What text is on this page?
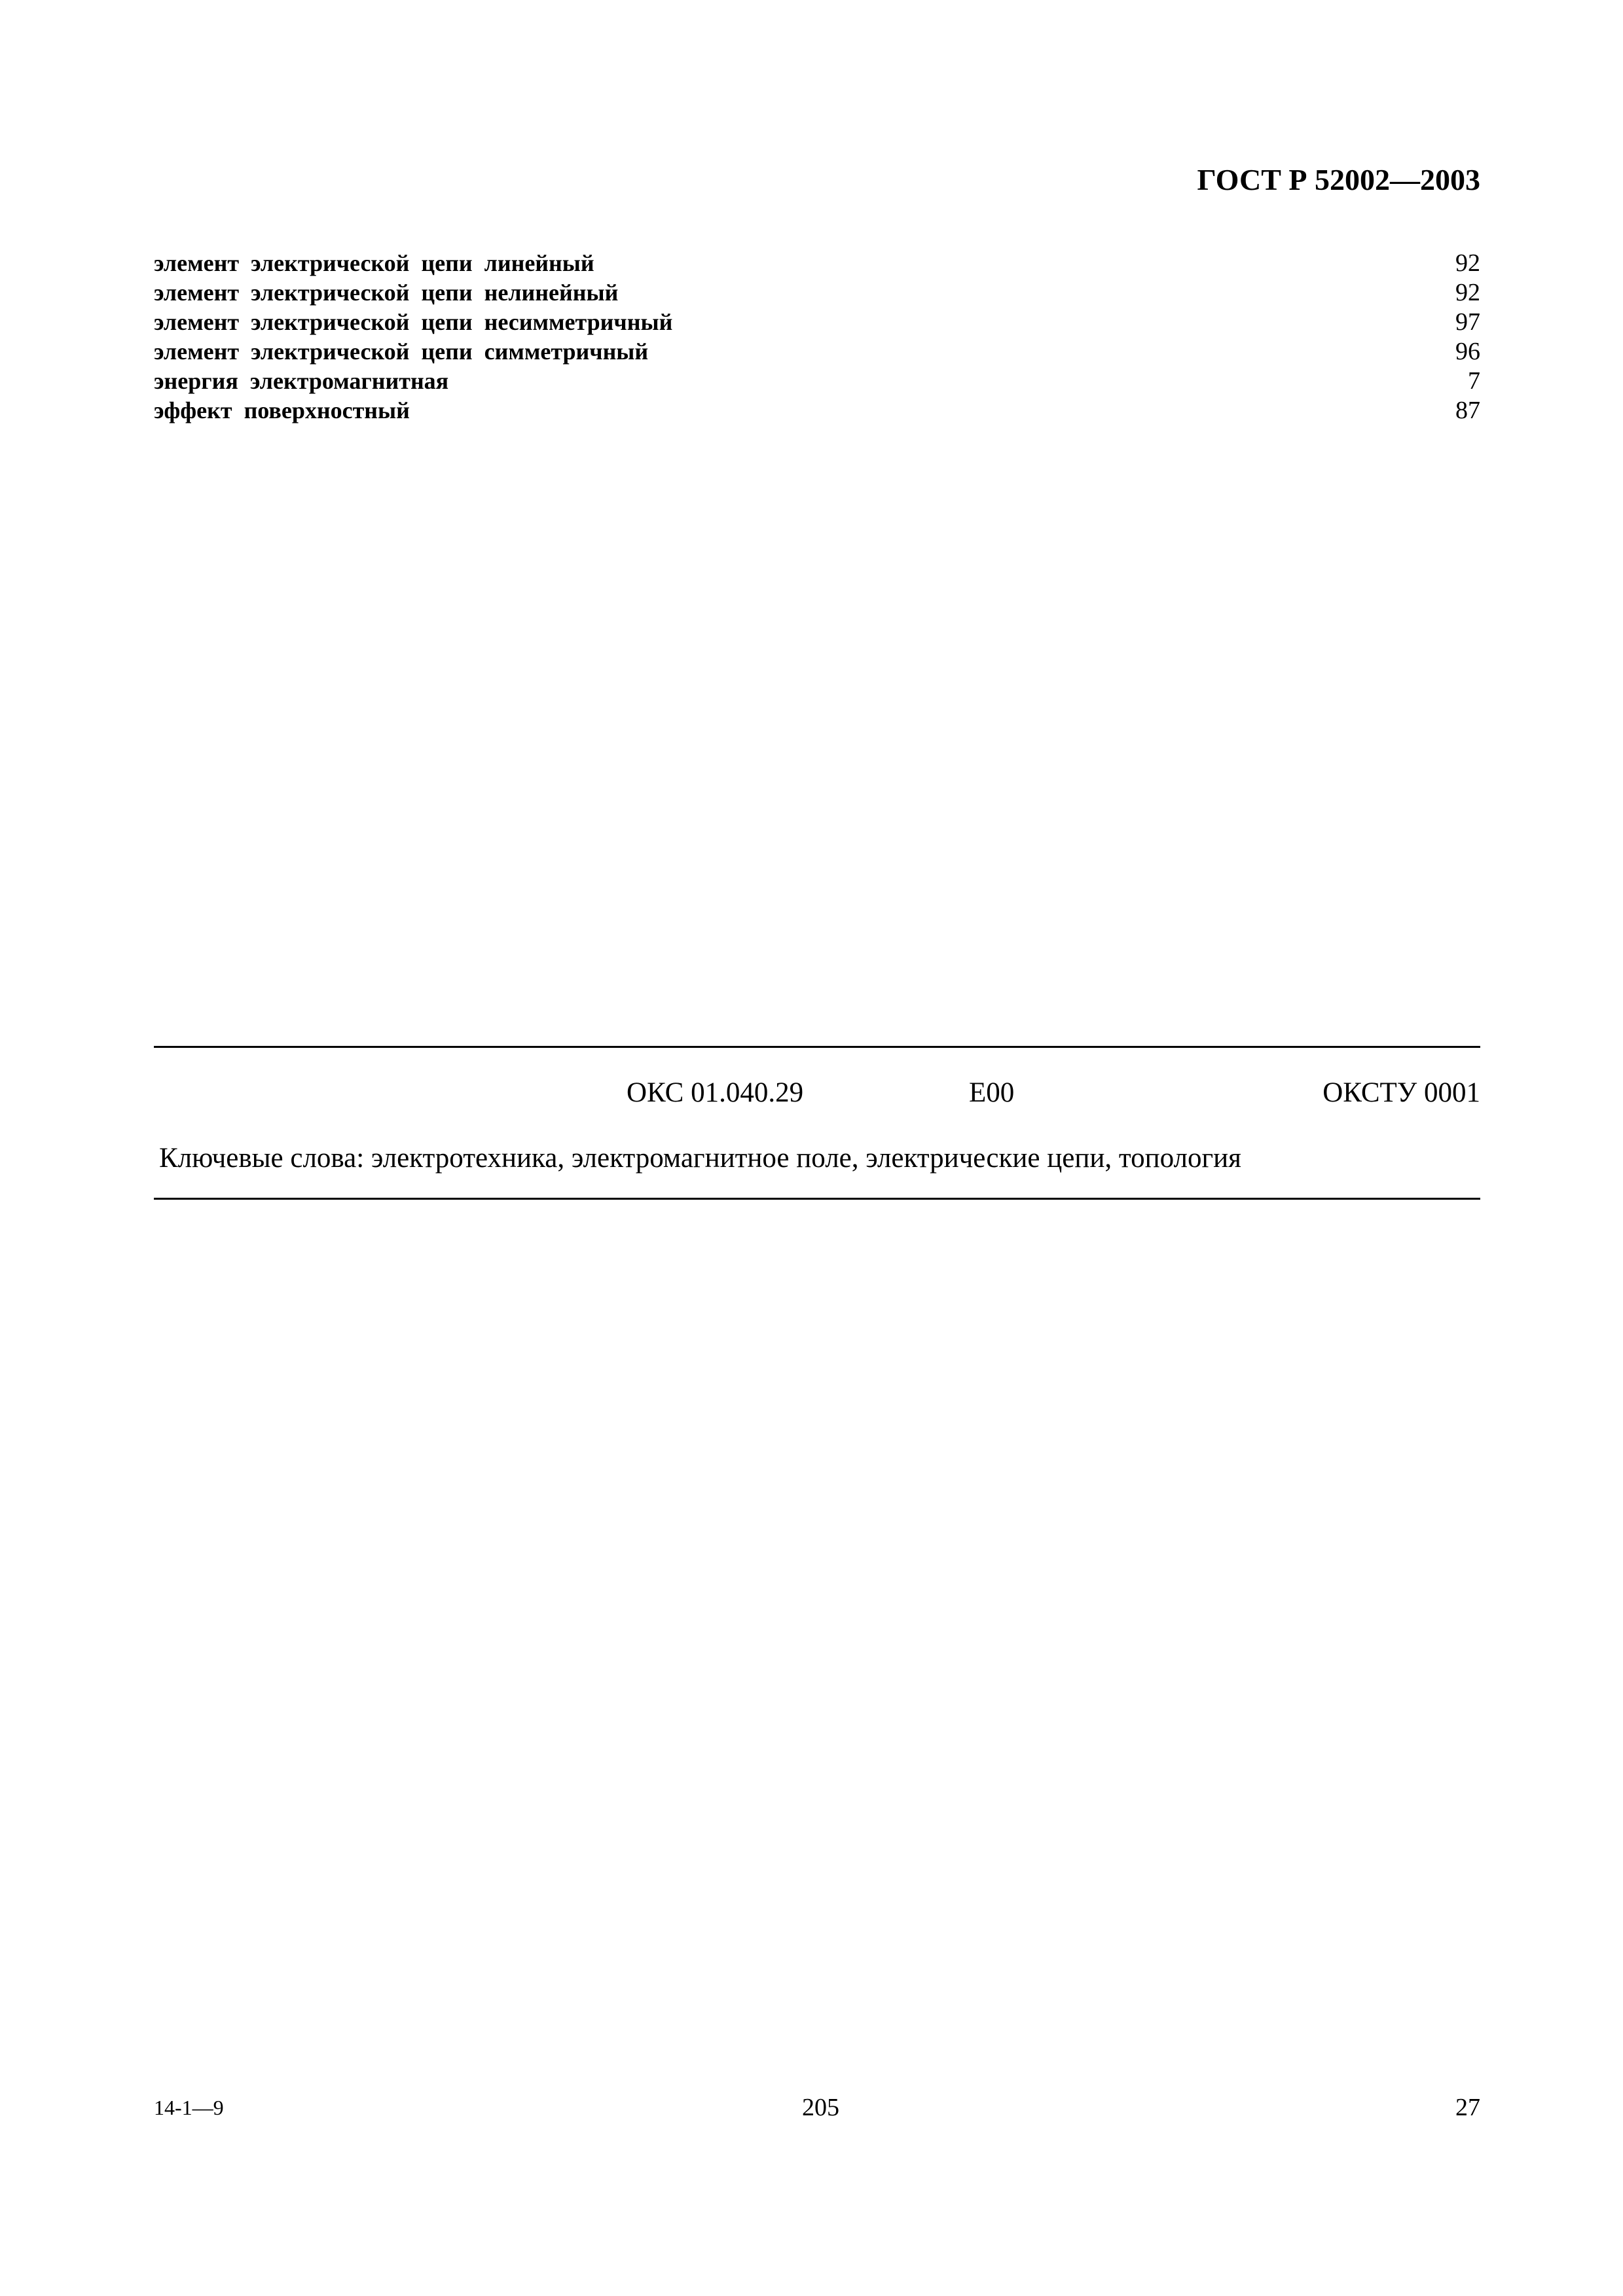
ГОСТ Р 52002—2003
элемент электрической цепи линейный	92
элемент электрической цепи нелинейный	92
элемент электрической цепи несимметричный	97
элемент электрической цепи симметричный	96
энергия электромагнитная	7
эффект поверхностный	87
ОКС 01.040.29	Е00	ОКСТУ 0001
Ключевые слова: электротехника, электромагнитное поле, электрические цепи, топология
14-1—9	205	27
